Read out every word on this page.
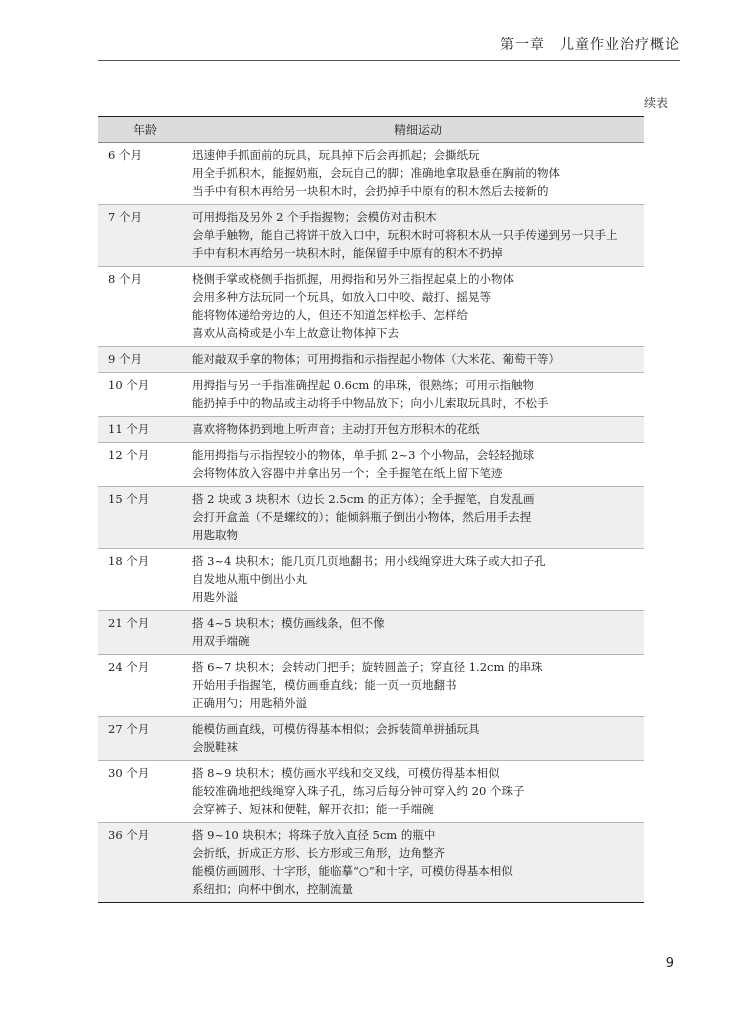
第一章　儿童作业治疗概论
续表
年龄	精细运动
6 个月	迅速伸手抓面前的玩具，玩具掉下后会再抓起；会撕纸玩
用全手抓积木，能握奶瓶，会玩自己的脚；准确地拿取悬垂在胸前的物体
当手中有积木再给另一块积木时，会扔掉手中原有的积木然后去接新的

7 个月	可用拇指及另外 2 个手指握物；会模仿对击积木
会单手触物，能自己将饼干放入口中，玩积木时可将积木从一只手传递到另一只手上
手中有积木再给另一块积木时，能保留手中原有的积木不扔掉

8 个月	桡侧手掌或桡侧手指抓握，用拇指和另外三指捏起桌上的小物体
会用多种方法玩同一个玩具，如放入口中咬、敲打、摇晃等
能将物体递给旁边的人，但还不知道怎样松手、怎样给
喜欢从高椅或是小车上故意让物体掉下去

9 个月	能对敲双手拿的物体；可用拇指和示指捏起小物体（大米花、葡萄干等）

10 个月	用拇指与另一手指准确捏起 0.6cm 的串珠，很熟练；可用示指触物
能扔掉手中的物品或主动将手中物品放下；向小儿索取玩具时，不松手

11 个月	喜欢将物体扔到地上听声音；主动打开包方形积木的花纸

12 个月	能用拇指与示指捏较小的物体，单手抓 2~3 个小物品，会轻轻抛球
会将物体放入容器中并拿出另一个；全手握笔在纸上留下笔迹

15 个月	搭 2 块或 3 块积木（边长 2.5cm 的正方体）；全手握笔，自发乱画
会打开盒盖（不是螺纹的）；能倾斜瓶子倒出小物体，然后用手去捏
用匙取物

18 个月	搭 3~4 块积木；能几页几页地翻书；用小线绳穿进大珠子或大扣子孔
自发地从瓶中倒出小丸
用匙外溢

21 个月	搭 4~5 块积木；模仿画线条，但不像
用双手端碗

24 个月	搭 6~7 块积木；会转动门把手；旋转圆盖子；穿直径 1.2cm 的串珠
开始用手指握笔，模仿画垂直线；能一页一页地翻书
正确用勺；用匙稍外溢

27 个月	能模仿画直线，可模仿得基本相似；会拆装简单拼插玩具
会脱鞋袜

30 个月	搭 8~9 块积木；模仿画水平线和交叉线，可模仿得基本相似
能较准确地把线绳穿入珠子孔，练习后每分钟可穿入约 20 个珠子
会穿裤子、短袜和便鞋，解开衣扣；能一手端碗

36 个月	搭 9~10 块积木；将珠子放入直径 5cm 的瓶中
会折纸，折成正方形、长方形或三角形，边角整齐
能模仿画圆形、十字形，能临摹“○”和十字，可模仿得基本相似
系纽扣；向杯中倒水，控制流量
9
